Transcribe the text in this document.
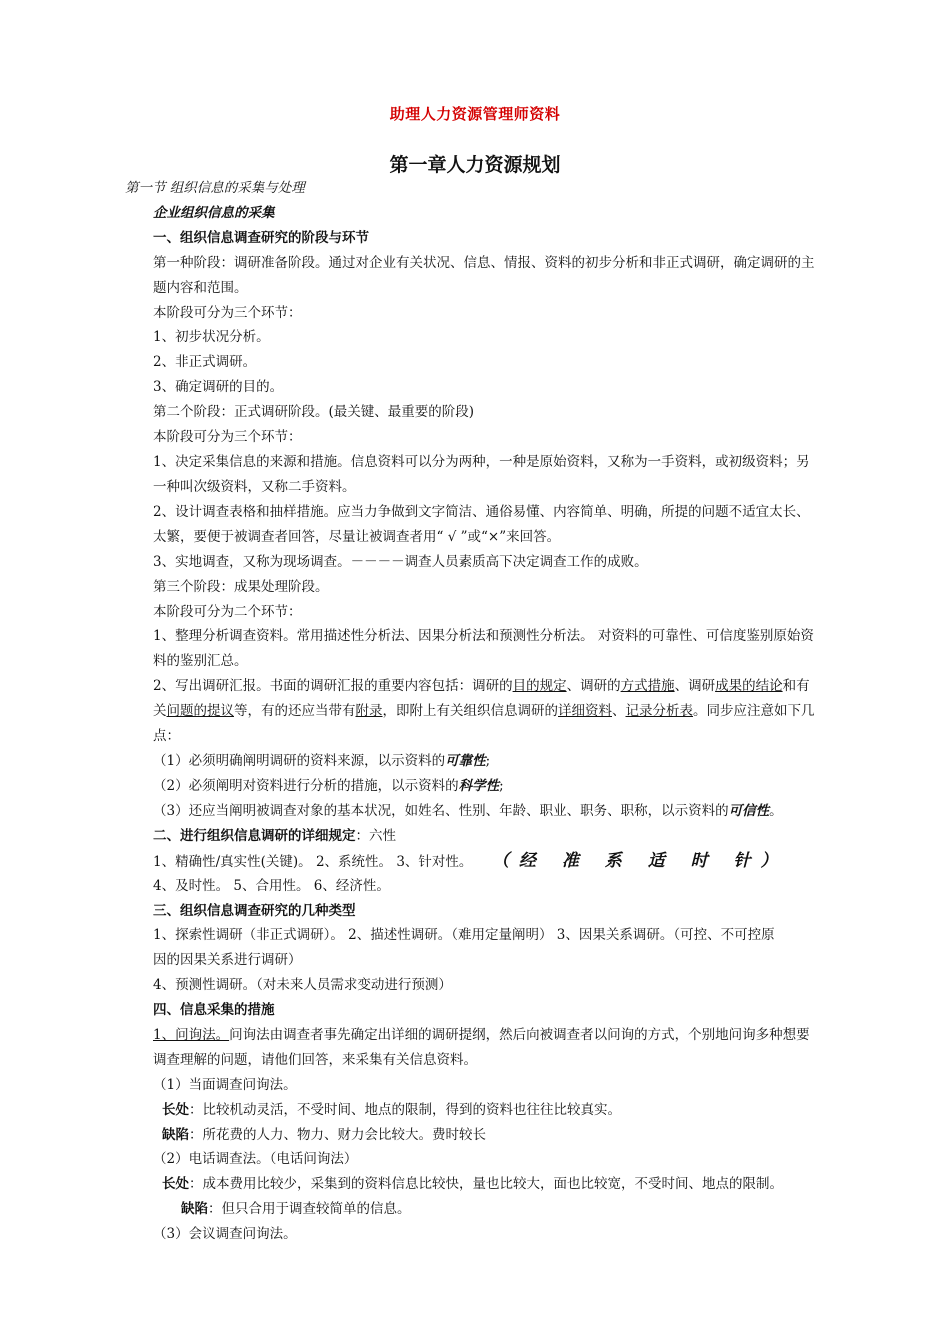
助理人力资源管理师资料
第一章人力资源规划
第一节 组织信息的采集与处理
企业组织信息的采集
一、组织信息调查研究的阶段与环节
第一种阶段：调研准备阶段。通过对企业有关状况、信息、情报、资料的初步分析和非正式调研，确定调研的主
题内容和范围。
本阶段可分为三个环节：
1、初步状况分析。
2、非正式调研。
3、确定调研的目的。
第二个阶段：正式调研阶段。(最关键、最重要的阶段)
本阶段可分为三个环节：
1、决定采集信息的来源和措施。信息资料可以分为两种，一种是原始资料，又称为一手资料，或初级资料；另
一种叫次级资料，又称二手资料。
2、设计调查表格和抽样措施。应当力争做到文字简洁、通俗易懂、内容简单、明确，所提的问题不适宜太长、
太繁，要便于被调查者回答，尽量让被调查者用“ √ ”或“×”来回答。
3、实地调查，又称为现场调查。－－－－调查人员素质高下决定调查工作的成败。
第三个阶段：成果处理阶段。
本阶段可分为二个环节：
1、整理分析调查资料。常用描述性分析法、因果分析法和预测性分析法。 对资料的可靠性、可信度鉴别原始资
料的鉴别汇总。
2、写出调研汇报。书面的调研汇报的重要内容包括：调研的目的规定、调研的方式措施、调研成果的结论和有
关问题的提议等，有的还应当带有附录，即附上有关组织信息调研的详细资料、记录分析表。同步应注意如下几
点：
（1）必须明确阐明调研的资料来源，以示资料的可靠性;
（2）必须阐明对资料进行分析的措施，以示资料的科学性;
（3）还应当阐明被调查对象的基本状况，如姓名、性别、年龄、职业、职务、职称，以示资料的可信性。
二、进行组织信息调研的详细规定：六性
1、精确性/真实性(关键)。 2、系统性。 3、针对性。 （经 准 系 适 时 针）
4、及时性。 5、合用性。 6、经济性。
三、组织信息调查研究的几种类型
1、探索性调研（非正式调研）。 2、描述性调研。（难用定量阐明） 3、因果关系调研。（可控、不可控原
因的因果关系进行调研）
4、预测性调研。（对未来人员需求变动进行预测）
四、信息采集的措施
1、问询法。问询法由调查者事先确定出详细的调研提纲，然后向被调查者以问询的方式，个别地问询多种想要
调查理解的问题，请他们回答，来采集有关信息资料。
（1）当面调查问询法。
长处：比较机动灵活，不受时间、地点的限制，得到的资料也往往比较真实。
缺陷：所花费的人力、物力、财力会比较大。费时较长
（2）电话调查法。（电话问询法）
长处：成本费用比较少，采集到的资料信息比较快，量也比较大，面也比较宽，不受时间、地点的限制。
缺陷：但只合用于调查较简单的信息。
（3）会议调查问询法。
